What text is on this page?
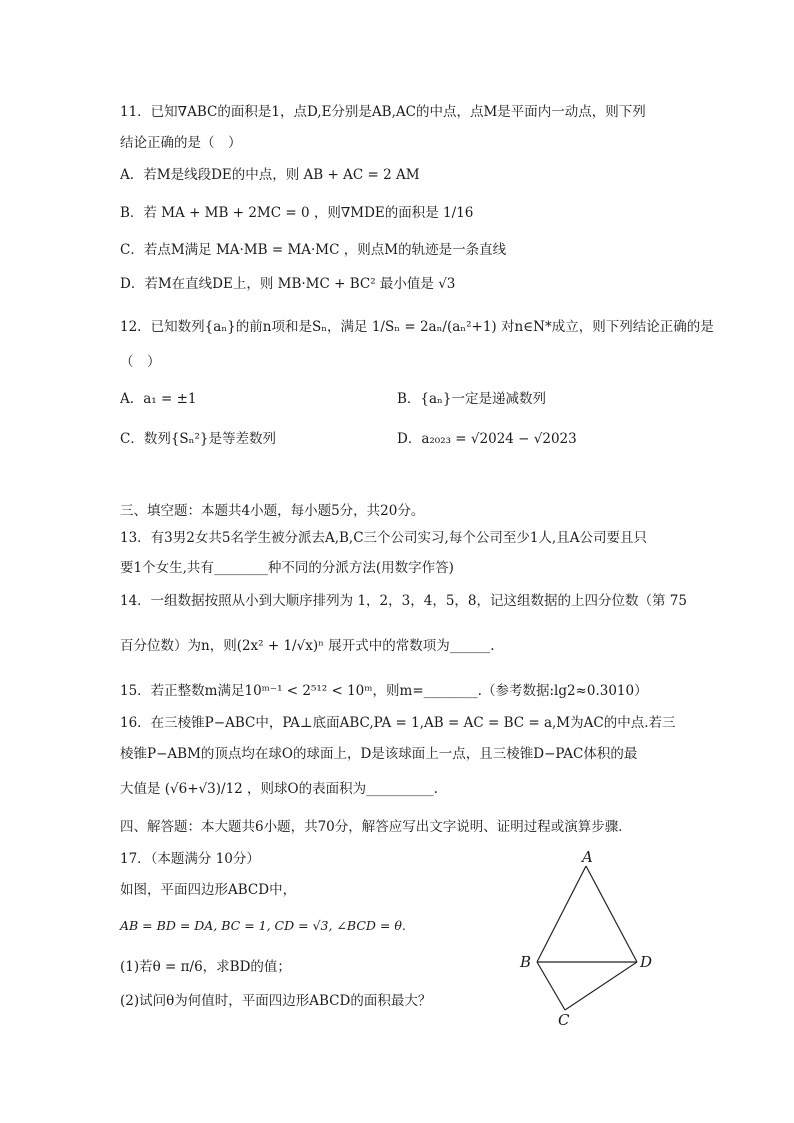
11．已知∇ABC的面积是1，点D,E分别是AB,AC的中点，点M是平面内一动点，则下列
结论正确的是（　）
A．若M是线段DE的中点，则 AB + AC = 2 AM
B．若 MA + MB + 2MC = 0 ，则∇MDE的面积是 1/16
C．若点M满足 MA·MB = MA·MC ，则点M的轨迹是一条直线
D．若M在直线DE上，则 MB·MC + BC² 最小值是 √3
12．已知数列{aₙ}的前n项和是Sₙ，满足 1/Sₙ = 2aₙ/(aₙ²+1) 对n∈N*成立，则下列结论正确的是
（　）
A．a₁ = ±1	B．{aₙ}一定是递减数列
C．数列{Sₙ²}是等差数列	D．a₂₀₂₃ = √2024 − √2023
三、填空题：本题共4小题，每小题5分，共20分。
13．有3男2女共5名学生被分派去A,B,C三个公司实习,每个公司至少1人,且A公司要且只
要1个女生,共有________种不同的分派方法(用数字作答)
14．一组数据按照从小到大顺序排列为 1，2，3，4，5，8，记这组数据的上四分位数（第 75
百分位数）为n，则(2x² + 1/√x)ⁿ 展开式中的常数项为______.
15．若正整数m满足10ᵐ⁻¹ < 2⁵¹² < 10ᵐ，则m=________.（参考数据:lg2≈0.3010）
16．在三棱锥P−ABC中，PA⊥底面ABC,PA = 1,AB = AC = BC = a,M为AC的中点.若三
棱锥P−ABM的顶点均在球O的球面上，D是该球面上一点，且三棱锥D−PAC体积的最
大值是 (√6+√3)/12 ，则球O的表面积为__________.
四、解答题：本大题共6小题，共70分，解答应写出文字说明、证明过程或演算步骤．
17．（本题满分 10分）
如图，平面四边形ABCD中，
AB = BD = DA, BC = 1, CD = √3, ∠BCD = θ.
(1)若θ = π/6，求BD的值；
(2)试问θ为何值时，平面四边形ABCD的面积最大？
A
B
C
D
